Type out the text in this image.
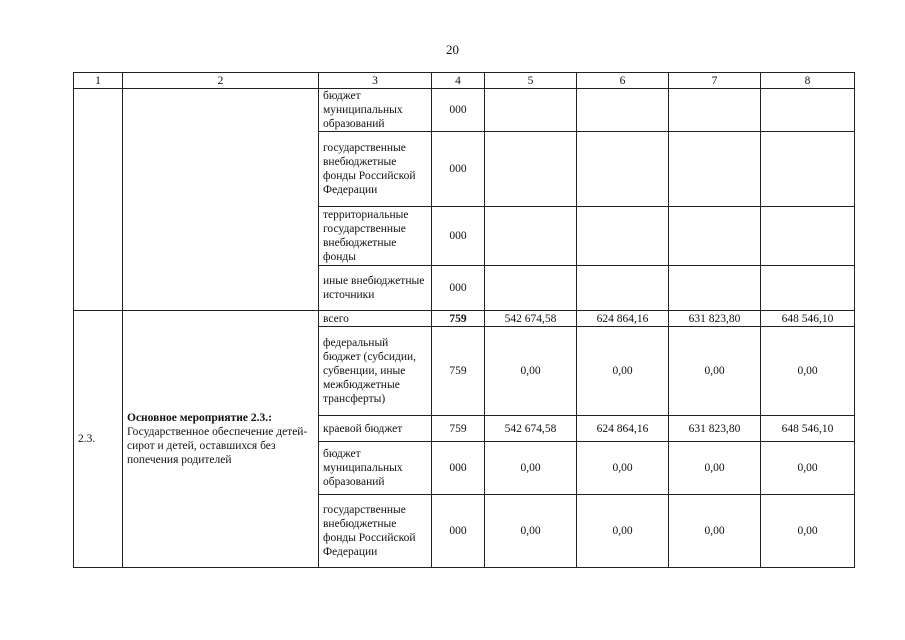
20
1	2	3	4	5	6	7	8
		бюджет муниципальных образований	000				
		государственные внебюджетные фонды Российской Федерации	000				
		территориальные государственные внебюджетные фонды	000				
		иные внебюджетные источники	000				
2.3.	Основное мероприятие 2.3.:
Государственное обеспечение детей-сирот и детей, оставшихся без попечения родителей	всего	759	542 674,58	624 864,16	631 823,80	648 546,10
		федеральный бюджет (субсидии, субвенции, иные межбюджетные трансферты)	759	0,00	0,00	0,00	0,00
		краевой бюджет	759	542 674,58	624 864,16	631 823,80	648 546,10
		бюджет муниципальных образований	000	0,00	0,00	0,00	0,00
		государственные внебюджетные фонды Российской Федерации	000	0,00	0,00	0,00	0,00
